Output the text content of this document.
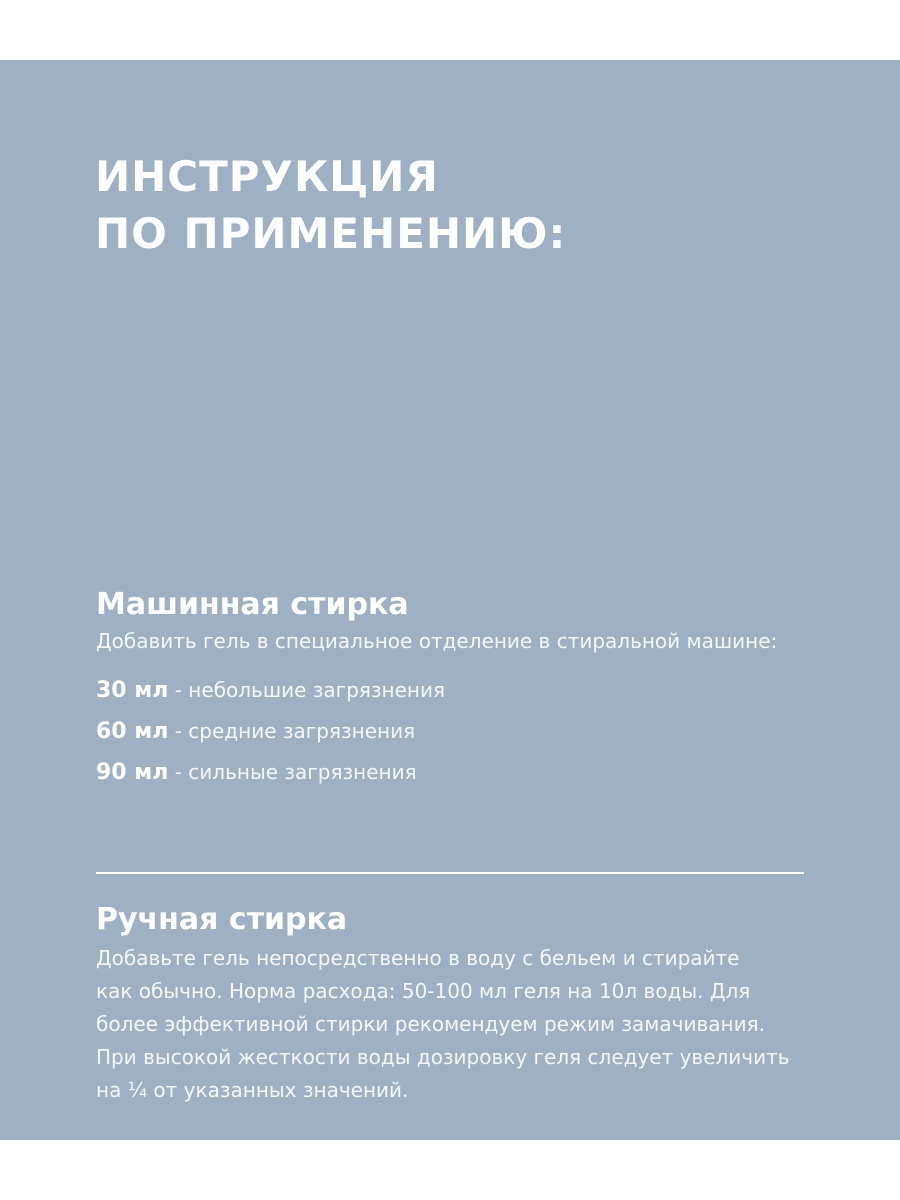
ИНСТРУКЦИЯ
ПО ПРИМЕНЕНИЮ:
Машинная стирка

Добавить гель в специальное отделение в стиральной машине:

30 мл - небольшие загрязнения
60 мл - средние загрязнения
90 мл - сильные загрязнения
Ручная стирка

Добавьте гель непосредственно в воду с бельем и стирайте
как обычно. Норма расхода: 50-100 мл геля на 10л воды. Для
более эффективной стирки рекомендуем режим замачивания.
При высокой жесткости воды дозировку геля следует увеличить
на ¼ от указанных значений.
